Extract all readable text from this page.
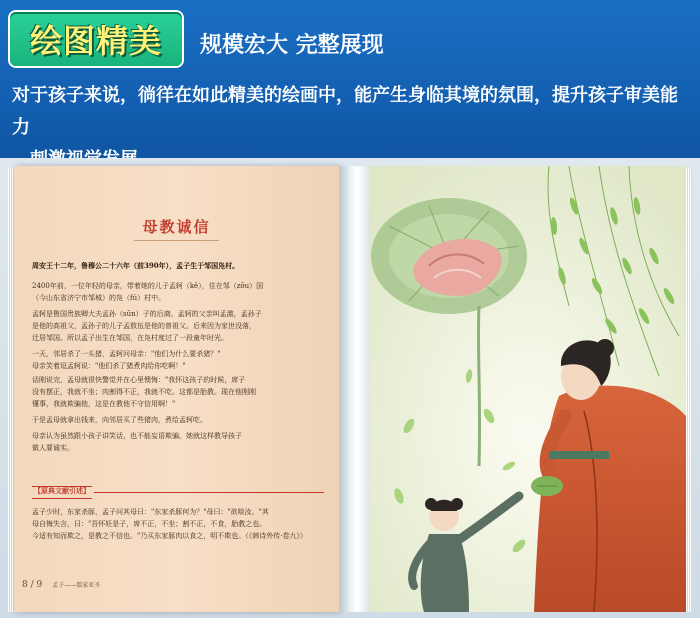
绘图精美 规模宏大 完整展现
对于孩子来说，徜徉在如此精美的绘画中，能产生身临其境的氛围，提升孩子审美能力
母教诚信
周安王十二年，鲁穆公二十六年（前390年），孟子生于邹国凫村。
2400年前，一位年轻的母亲，带着她的儿子孟轲（kē），住在邹（zōu）国
（今山东省济宁市邹城）的凫（fú）村中。
孟轲是鲁国贵族卿大夫孟孙（sūn）子的后裔。孟轲的父亲叫孟激，孟孙子
是他的高祖父，孟孙子的儿子孟敖伍是他的曾祖父。后来因为家世没落，
迁居邹国。所以孟子出生在邹国，在凫村度过了一段童年时光。
一天，邻居杀了一头猪，孟轲问母亲："他们为什么要杀猪？"
母亲笑着逗孟轲说："他们杀了猪煮肉给你吃啊！"
话刚说完，孟母就很快警觉并在心里懊悔："我怀这孩子的时候，席子
没有摆正，我就不坐；肉割得不正，我就不吃。这都是胎教。现在他刚刚
懂事，我就欺骗他，这是在教他不守信用啊！"
于是孟母就拿出钱来，向邻居买了些猪肉，煮给孟轲吃。
母亲认为虽然跟小孩子讲笑话，也不能妄语欺骗。她就这样教导孩子
做人要诚实。
【原典文献引述】
孟子少时，东家杀豚，孟子问其母曰："东家杀豚何为？"母曰："欲啖汝。"其
母自悔失言，曰："吾怀妊是子，席不正，不坐；割不正，不食，胎教之也。
今适有知而欺之，是教之不信也。"乃买东家豚肉以食之，明不欺也。（《韩诗外传·卷九》）
8 / 9 孟子——儒家亚圣
